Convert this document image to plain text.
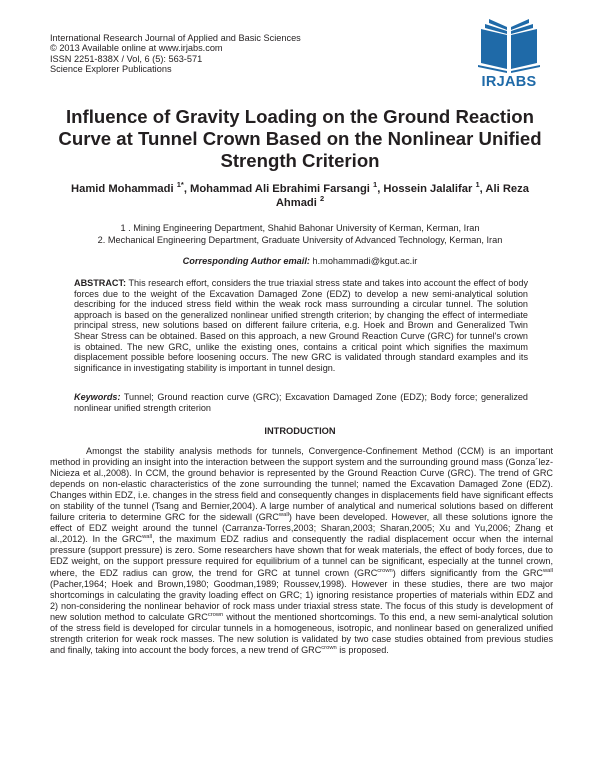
International Research Journal of Applied and Basic Sciences
© 2013 Available online at www.irjabs.com
ISSN 2251-838X / Vol, 6 (5): 563-571
Science Explorer Publications
IRJABS
Influence of Gravity Loading on the Ground Reaction Curve at Tunnel Crown Based on the Nonlinear Unified Strength Criterion
Hamid Mohammadi $^{1*}$, Mohammad Ali Ebrahimi Farsangi $^1$, Hossein Jalalifar $^1$, Ali Reza Ahmadi $^2$
1 . Mining Engineering Department, Shahid Bahonar University of Kerman, Kerman, Iran
2. Mechanical Engineering Department, Graduate University of Advanced Technology, Kerman, Iran
Corresponding Author email: h.mohammadi@kgut.ac.ir
ABSTRACT: This research effort, considers the true triaxial stress state and takes into account the effect of body forces due to the weight of the Excavation Damaged Zone (EDZ) to develop a new semi-analytical solution describing for the induced stress field within the weak rock mass surrounding a circular tunnel. The solution approach is based on the generalized nonlinear unified strength criterion; by changing the effect of intermediate principal stress, new solutions based on different failure criteria, e.g. Hoek and Brown and Generalized Twin Shear Stress can be obtained. Based on this approach, a new Ground Reaction Curve (GRC) for tunnel's crown is obtained. The new GRC, unlike the existing ones, contains a critical point which signifies the maximum displacement possible before loosening occurs. The new GRC is validated through standard examples and its significance in investigating stability is important in tunnel design.
Keywords: Tunnel; Ground reaction curve (GRC); Excavation Damaged Zone (EDZ); Body force; generalized nonlinear unified strength criterion
INTRODUCTION
Amongst the stability analysis methods for tunnels, Convergence-Confinement Method (CCM) is an important method in providing an insight into the interaction between the support system and the surrounding ground mass (Gonza´lez-Nicieza et al.,2008). In CCM, the ground behavior is represented by the Ground Reaction Curve (GRC). The trend of GRC depends on non-elastic characteristics of the zone surrounding the tunnel; named the Excavation Damaged Zone (EDZ). Changes within EDZ, i.e. changes in the stress field and consequently changes in displacements field have significant effects on stability of the tunnel (Tsang and Bernier,2004). A large number of analytical and numerical solutions based on different failure criteria to determine GRC for the sidewall $(GRC^{wall})$ have been developed. However, all these solutions ignore the effect of EDZ weight around the tunnel (Carranza-Torres,2003; Sharan,2003; Sharan,2005; Xu and Yu,2006; Zhang et al.,2012). In the $GRC^{wall}$, the maximum EDZ radius and consequently the radial displacement occur when the internal pressure (support pressure) is zero. Some researchers have shown that for weak materials, the effect of body forces, due to EDZ weight, on the support pressure required for equilibrium of a tunnel can be significant, especially at the tunnel crown, where, the EDZ radius can grow, the trend for GRC at tunnel crown $(GRC^{crown})$ differs significantly from the $GRC^{wall}$ (Pacher,1964; Hoek and Brown,1980; Goodman,1989; Roussev,1998). However in these studies, there are two major shortcomings in calculating the gravity loading effect on GRC; 1) ignoring resistance properties of materials within EDZ and 2) non-considering the nonlinear behavior of rock mass under triaxial stress state. The focus of this study is development of new solution method to calculate $GRC^{crown}$ without the mentioned shortcomings. To this end, a new semi-analytical solution of the stress field is developed for circular tunnels in a homogeneous, isotropic, and nonlinear based on generalized unified strength criterion for weak rock masses. The new solution is validated by two case studies obtained from previous studies and finally, taking into account the body forces, a new trend of $GRC^{crown}$ is proposed.
